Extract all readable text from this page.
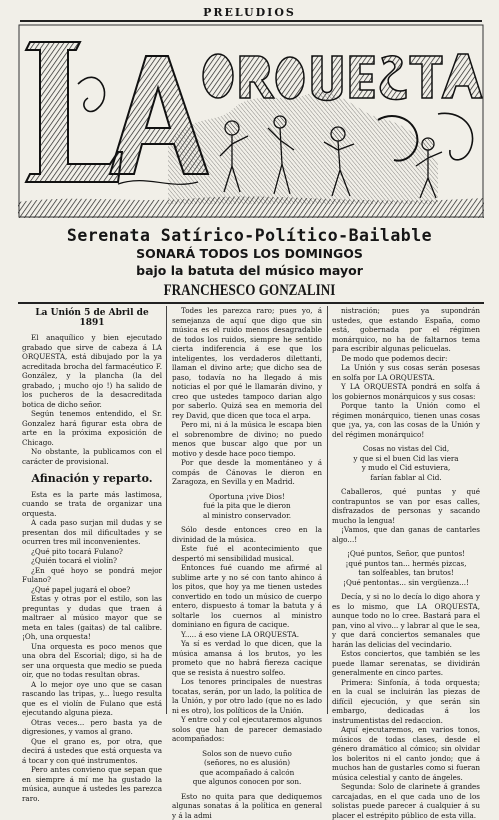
PRELUDIOS
Serenata Satírico-Político-Bailable
SONARÁ TODOS LOS DOMINGOS
bajo la batuta del músico mayor
FRANCHESCO GONZALINI

La Unión 5 de Abril de 1891

El anaquílico y bien ejecutado grabado que sirve de cabeza á LA ORQUESTA, está dibujado por la ya acreditada brocha del farmacéutico F. González, y la plancha (la del grabado, ¡ mucho ojo !) ha salido de los pucheros de la desacreditada botica de dicho señor.

Según tenemos entendido, el Sr. Gonzalez hará figurar esta obra de arte en la próxima exposición de Chicago.

No obstante, la publicamos con el carácter de provisional.

Afinación y reparto.

Esta es la parte más lastimosa, cuando se trata de organizar una orquesta.

A cada paso surjan mil dudas y se presentan dos mil dificultades y se ocurren tres mil inconvenientes.

¿Qué pito tocará Fulano?

¿Quién tocará el violín?

¿En qué hoyo se pondrá mejor Fulano?

¿Qué papel jugará el oboe?

Estas y otras por el estilo, son las preguntas y dudas que traen á maltraer al músico mayor que se meta en tales (gaitas) de tal calibre. ¡Oh, una orquesta!

Una orquesta es poco menos que una obra del Escorial; digo, si ha de ser una orquesta que medio se pueda oir, que no todas resultan obras.

A lo mejor oye uno que se casan rascando las tripas, y... luego resulta que es el violín de Fulano que está ejecutando alguna pieza.

Otras veces... pero basta ya de digresiones, y vamos al grano.

Que el grano es, por otra, que decirá á ustedes que está orquesta va á tocar y con qué instrumentos.

Pero antes convieno que sepan que en siempre á mí me ha gustado la música, aunque á ustedes les parezca raro.

Todes les parezca raro; pues yo, á semejanza de aquí que digo que sin música es el ruido menos desagradable de todos los ruidos, siempre he sentido cierta indiferencia á ese que los inteligentes, los verdaderos dilettanti, llaman el divino arte; que dicho sea de paso, todavía no ha llegado á mis noticias el por qué le llamarán divino, y creo que ustedes tampoco darian algo por saberlo. Quizá sea en memoria del rey David, que dicen que toca el arpa.

Pero mi, ni á la música le escapa bien el sobrenombre de divino; no puedo menos que buscar algo que por un motivo y desde hace poco tiempo.

Por que desde la momentáneo y á compás de Cánovas le dieron en Zaragoza, en Sevilla y en Madrid.

Oportuna ¡vive Dios!

fué la pita que le dieron

al ministro conservador.

Sólo desde entonces creo en la divinidad de la música.

Este fué el acontecimiento que despertó mi sensibilidad musical.

Entonces fué cuando me afirmé al sublime arte y no sé con tanto ahinco á los pitos, que hoy ya me tienen ustedes convertido en todo un músico de cuerpo entero, dispuesto á tomar la batuta y á soltarle los cuernos al ministro dominiano en figura de cacique.

Y..... á eso viene LA ORQUESTA.

Ya sí es verdad lo que dicen, que la música amansa á los brutos, yo les prometo que no habrá fiereza cacique que se resista á nuestro solfeo.

Los tenores principales de nuestras tocatas, serán, por un lado, la política de la Unión, y por otro lado (que no es lado ni es otro), los políticos de la Unión.

Y entre col y col ejecutaremos algunos solos que han de parecer demasiado acompañados:

Solos son de nuevo cuño

(señores, no es alusión)

que acompañado á calcón

que algunos conocen por son.

Esto no quita para que dediquemos algunas sonatas á la política en general y á la admi

nistración; pues ya supondrán ustedes, que estando España, como está, gobernada por el régimen monárquico, no ha de faltarnos tema para escribir algunas pelicuelas.

De modo que podemos decir:

La Unión y sus cosas serán posesas en solfa por LA ORQUESTA.

Y LA ORQUESTA pondrá en solfa á los gobiernos monárquicos y sus cosas:

Porque tanto la Unión como el régimen monárquico, tienen unas cosas que ¡ya, ya, con las cosas de la Unión y del régimen monárquico!

Cosas no vistas del Cid,

y que si el buen Cid las viera

y mudo el Cid estuviera,

farían fablar al Cid.

Caballeros, qué puntas y qué contrapuntos se van por esas calles, disfrazados de personas y sacando mucho la lengua!

¡Vamos, que dan ganas de cantarles algo...!

¡Qué puntos, Señor, que puntos!

¡qué puntos tan... hermés pizcas,

tan solfeables, tan brutos!

¡Qué pentontas... sin vergüenza...!

Decía, y si no lo decía lo digo ahora y es lo mismo, que LA ORQUESTA, aunque todo no lo cree. Bastará para el pan, vino al vivo... y labrar al que le sea, y que dará conciertos semanales que harán las delicias del vecindario.

Estos conciertos, que también se les puede llamar serenatas, se dividirán generalmente en cinco partes.

Primera: Sinfonía, á toda orquesta; en la cual se incluirán las piezas de difícil ejecución, y que serán sin embargo, dedicadas á los instrumentistas del redaccion.

Aquí ejecutaremos, en varios tonos, músicos de todas clases, desde el género dramático al cómico; sin olvidar los boleritos ni el canto jondo; que á muchos han de gustarles como si fueran música celestial y canto de ángeles.

Segunda: Solo de clarinete á grandes carcajadas, en el que cada uno de los solistas puede parecer á cualquier á su placer el estrépito público de esta villa.
